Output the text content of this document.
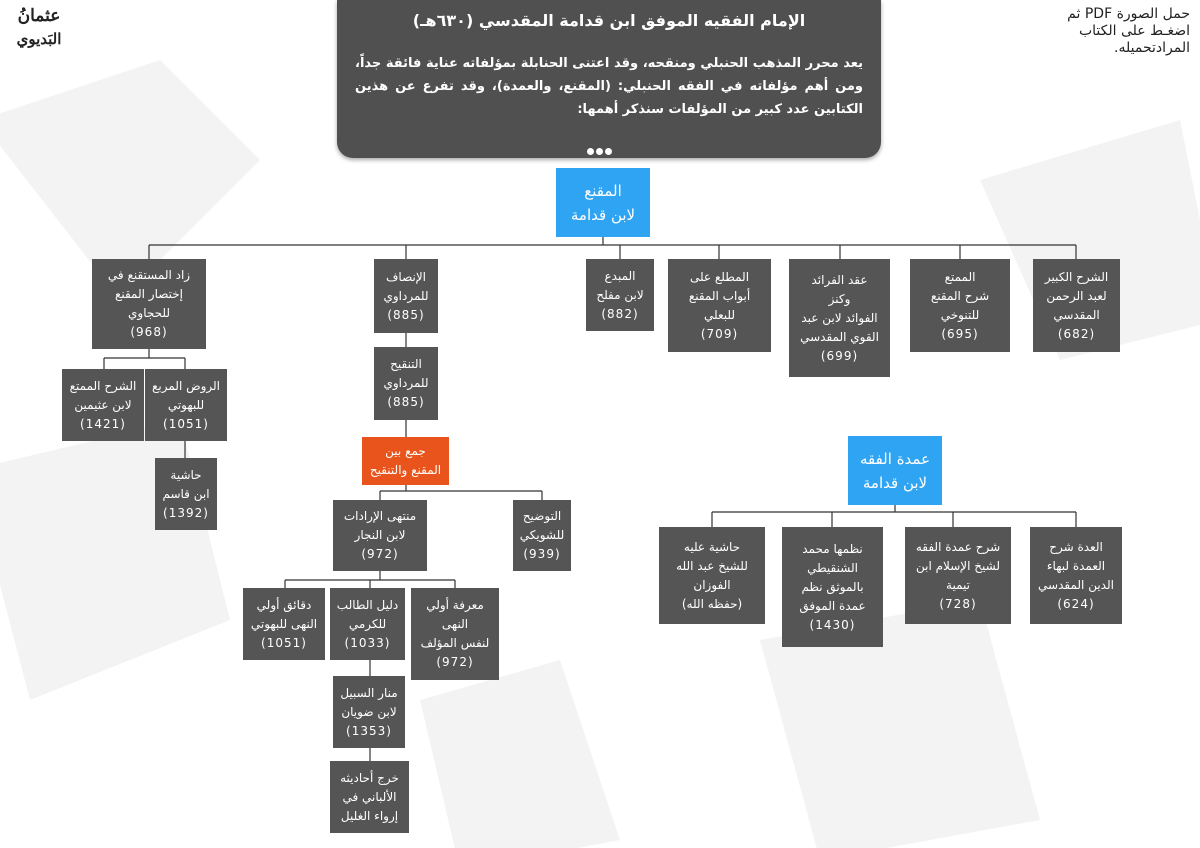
عثمانُ
البَديوي
حمل الصورة PDF ثم اضغـط على الكتاب المرادتحميله.
الإمام الفقيه الموفق ابن قدامة المقدسي (٦٣٠هـ)
يعد محرر المذهب الحنبلي ومنقحه، وقد اعتنى الحنابلة بمؤلفاته عناية فائقة جداً، ومن أهم مؤلفاته في الفقه الحنبلي: (المقنع، والعمدة)، وقد تفرع عن هذين الكتابين عدد كبير من المؤلفات سنذكر أهمها:
المقنع
لابن قدامة
الشرح الكبير
لعبد الرحمن
المقدسي
(682)
الممتع
شرح المقنع
للتنوخي
(695)
عقد الفرائد
وكنز
الفوائد لابن عبد
القوي المقدسي
(699)
المطلع على
أبواب المقنع
للبعلي
(709)
المبدع
لابن مفلح
(882)
الإنصاف
للمرداوي
(885)
التنقيح
للمرداوي
(885)
جمع بين
المقنع والتنقيح
التوضيح
للشويكي
(939)
منتهى الإرادات
لابن النجار
(972)
معرفة أولي
النهى
لنفس المؤلف
(972)
دليل الطالب
للكرمي
(1033)
دقائق أولي
النهى للبهوتي
(1051)
منار السبيل
لابن ضويان
(1353)
خرج أحاديثه
الألباني في
إرواء الغليل
زاد المستقنع في
إختصار المقنع
للحجاوي
(968)
الروض المربع
للبهوتي
(1051)
الشرح الممتع
لابن عثيمين
(1421)
حاشية
ابن قاسم
(1392)
عمدة الفقه
لابن قدامة
العدة شرح
العمدة لبهاء
الدين المقدسي
(624)
شرح عمدة الفقه
لشيخ الإسلام ابن
تيمية
(728)
نظمها محمد
الشنقيطي
بالموثق نظم
عمدة الموفق
(1430)
حاشية عليه
للشيخ عبد الله
الفوزان
(حفظه الله)
